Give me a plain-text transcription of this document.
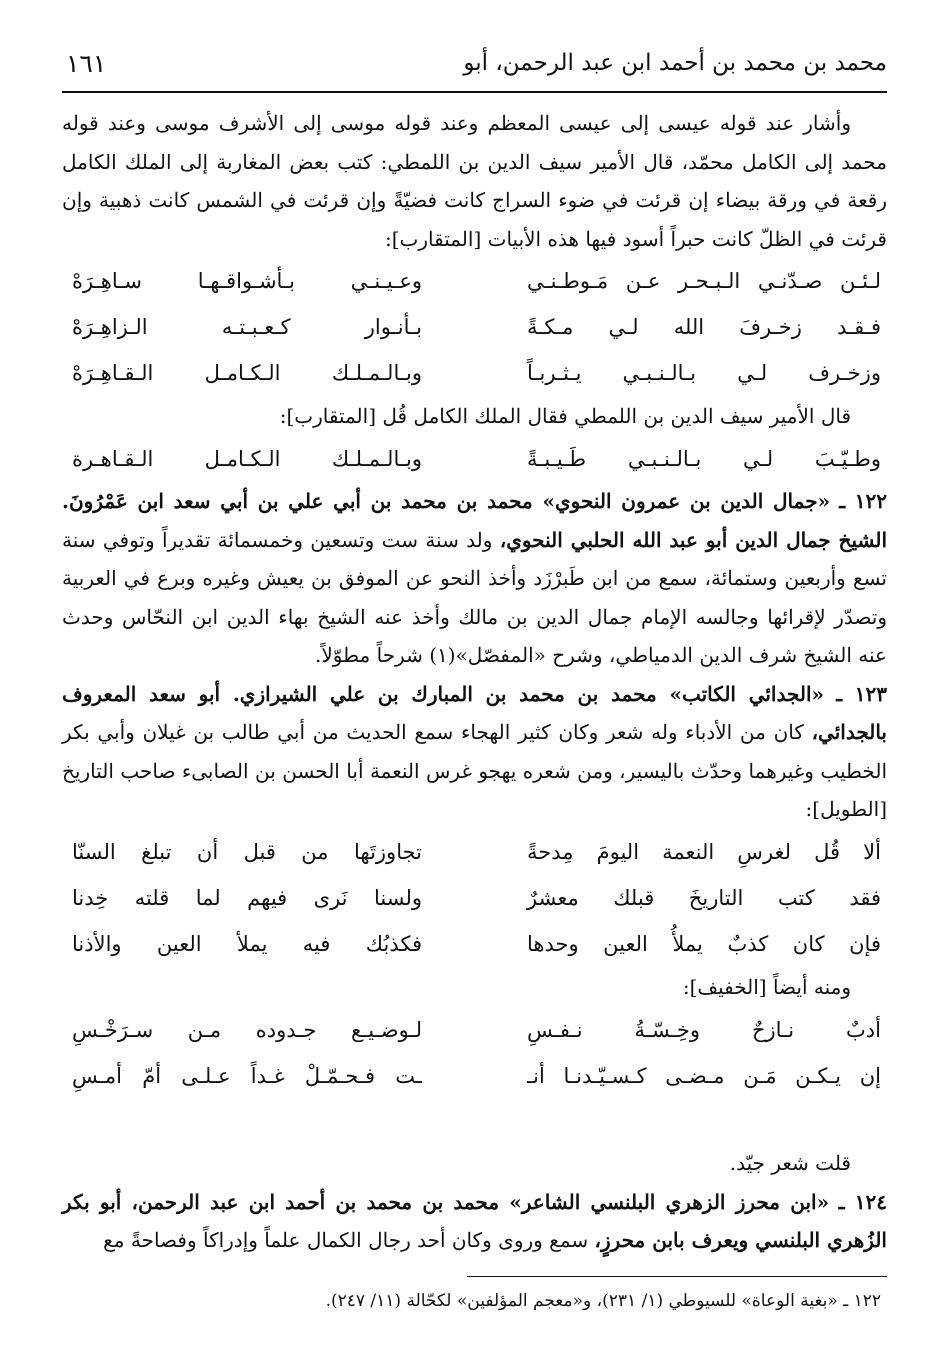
محمد بن محمد بن أحمد ابن عبد الرحمن، أبو
١٦١

وأشار عند قوله عيسى إلى عيسى المعظم وعند قوله موسى إلى الأشرف موسى وعند قوله محمد إلى الكامل محمّد، قال الأمير سيف الدين بن اللمطي: كتب بعض المغاربة إلى الملك الكامل رقعة في ورقة بيضاء إن قرئت في ضوء السراج كانت فضيّةً وإن قرئت في الشمس كانت ذهبية وإن قرئت في الظلّ كانت حبراً أسود فيها هذه الأبيات [المتقارب]:

لـئـن صـدّنـي الـبـحـر عـن مَـوطـنـي
وعـيـنـي بـأشـواقـهـا سـاهِـرَهْ
فـقـد زخـرفَ الله لـي مـكـةً
بـأنـوار كـعـبـتـه الـزاهِـرَهْ
وزخـرف لـي بـالـنـبـي يـثـربـاً
وبـالـمـلـك الـكـامـل الـقـاهِـرَهْ

قال الأمير سيف الدين بن اللمطي فقال الملك الكامل قُل [المتقارب]:

وطـيّـبَ لـي بـالـنـبـي طَـيـبـةً
وبـالـمـلـك الـكـامـل الـقـاهـرة

١٢٢ ـ «جمال الدين بن عمرون النحوي» محمد بن محمد بن أبي علي بن أبي سعد ابن عَمْرُونَ. الشيخ جمال الدين أبو عبد الله الحلبي النحوي، ولد سنة ست وتسعين وخمسمائة تقديراً وتوفي سنة تسع وأربعين وستمائة، سمع من ابن طَبرْزَد وأخذ النحو عن الموفق بن يعيش وغيره وبرع في العربية وتصدّر لإقرائها وجالسه الإمام جمال الدين بن مالك وأخذ عنه الشيخ بهاء الدين ابن النحّاس وحدث عنه الشيخ شرف الدين الدمياطي، وشرح «المفصّل»(١) شرحاً مطوّلاً.

١٢٣ ـ «الجدائي الكاتب» محمد بن محمد بن المبارك بن علي الشيرازي. أبو سعد المعروف بالجدائي، كان من الأدباء وله شعر وكان كثير الهجاء سمع الحديث من أبي طالب بن غيلان وأبي بكر الخطيب وغيرهما وحدّث باليسير، ومن شعره يهجو غرس النعمة أبا الحسن بن الصابىء صاحب التاريخ [الطويل]:

ألا قُل لغرسِ النعمة اليومَ مِدحةً
تجاوزتَها من قبل أن تبلغ السنّا
فقد كتب التاريخَ قبلك معشرٌ
ولسنا نَرى فيهم لما قلته خِدنا
فإن كان كذبٌ يملأُ العين وحدها
فكذبُك فيه يملأ العين والأذنا

ومنه أيضاً [الخفيف]:

أدبٌ نـازحٌ وخِـسّـةُ نـفـسِ
لـوضـيـع جـدوده مـن سـرَخْـسِ
إن يـكـن مَـن مـضـى كـسـيّـدنـا أنـ
ـت فـحـمّـلْ غـداً عـلـى أمّ أمـسِ

قلت شعر جيّد.

١٢٤ ـ «ابن محرز الزهري البلنسي الشاعر» محمد بن محمد بن أحمد ابن عبد الرحمن، أبو بكر الزُهري البلنسي ويعرف بابن محرزٍ، سمع وروى وكان أحد رجال الكمال علماً وإدراكاً وفصاحةً مع

١٢٢ ـ «بغية الوعاة» للسيوطي (١/ ٢٣١)، و«معجم المؤلفين» لكحّالة (١١/ ٢٤٧).
